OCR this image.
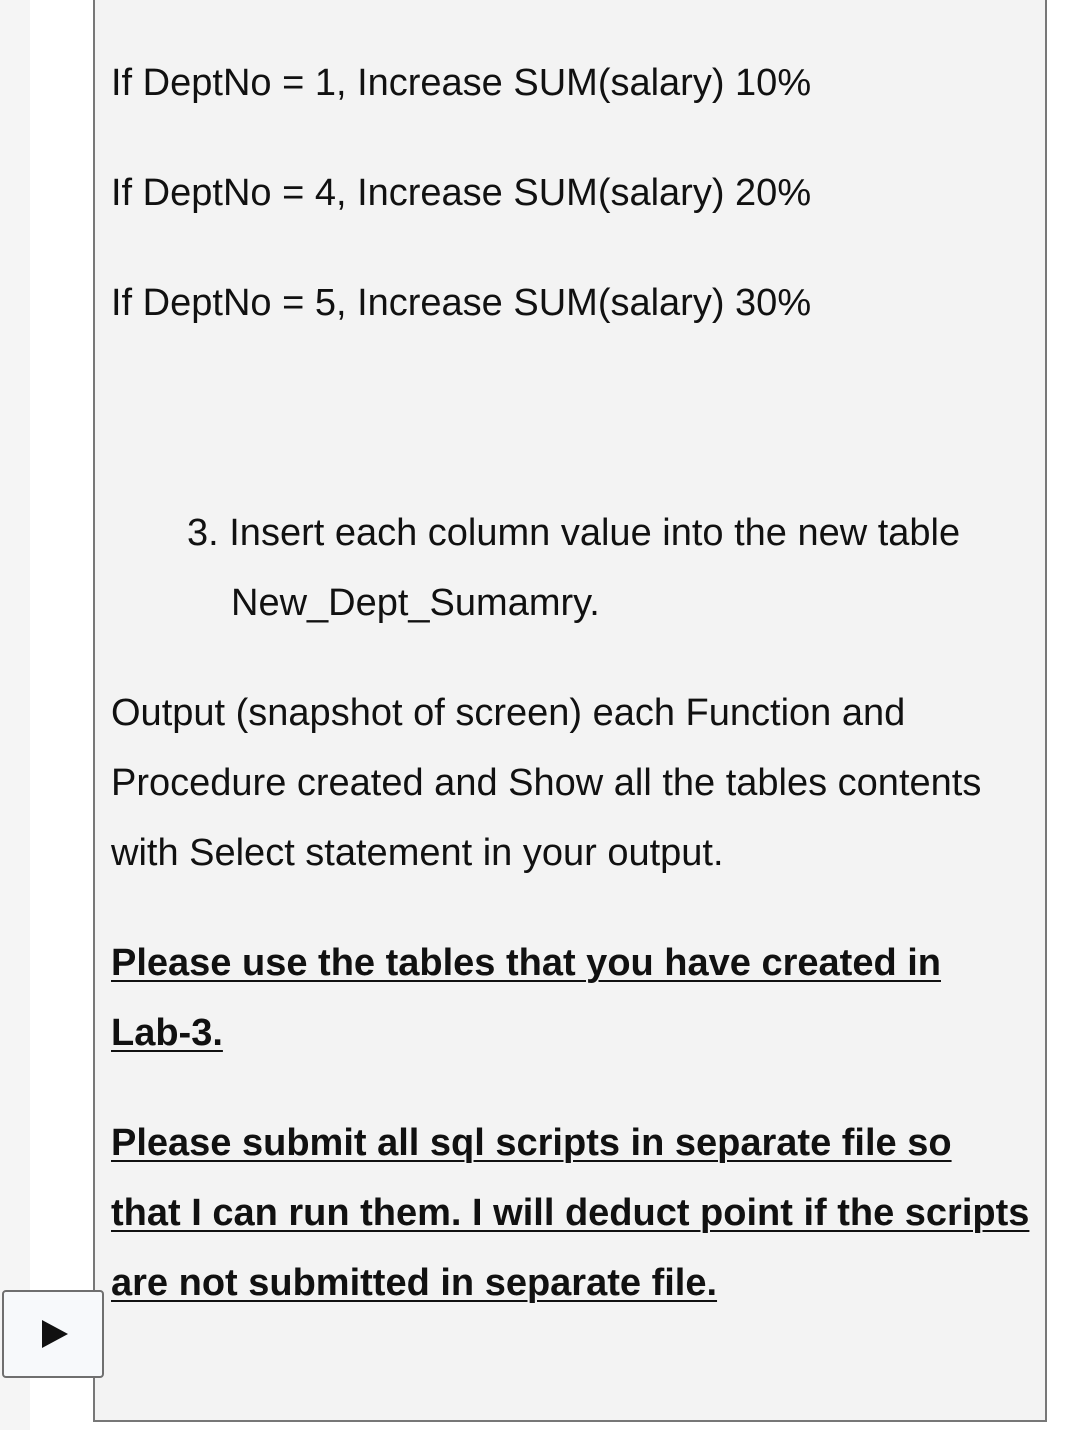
If DeptNo = 1, Increase SUM(salary) 10%

If DeptNo = 4, Increase SUM(salary) 20%

If DeptNo = 5, Increase SUM(salary) 30%

3. Insert each column value into the new table
New_Dept_Sumamry.

Output (snapshot of screen) each Function and Procedure created and Show all the tables contents with Select statement in your output.

Please use the tables that you have created in Lab-3.

Please submit all sql scripts in separate file so that I can run them. I will deduct point if the scripts are not submitted in separate file.
